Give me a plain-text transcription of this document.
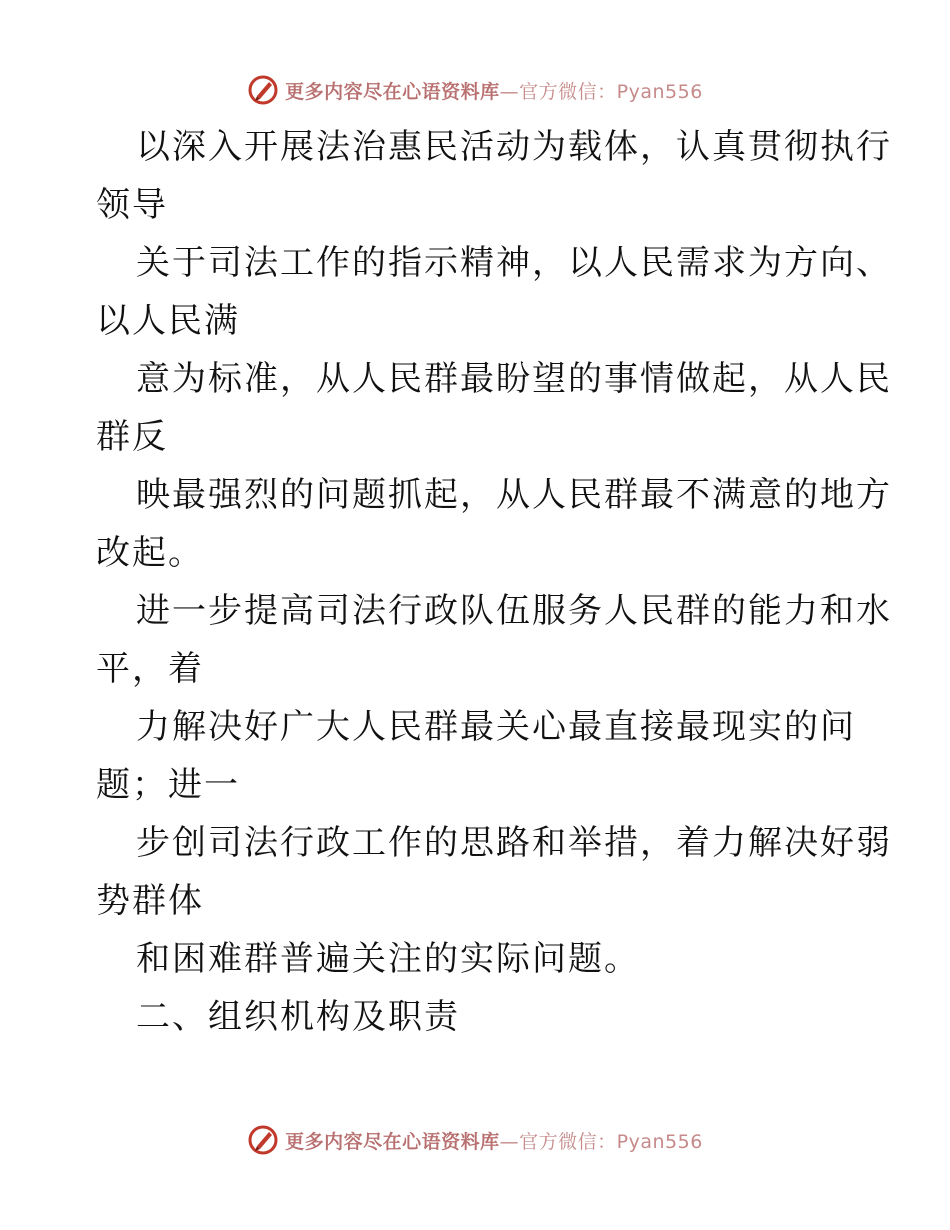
更多内容尽在心语资料库—官方微信：Pyan556

以深入开展法治惠民活动为载体，认真贯彻执行
领导

关于司法工作的指示精神，以人民需求为方向、
以人民满

意为标准，从人民群最盼望的事情做起，从人民
群反

映最强烈的问题抓起，从人民群最不满意的地方
改起。

进一步提高司法行政队伍服务人民群的能力和水
平，着

力解决好广大人民群最关心最直接最现实的问
题；进一

步创司法行政工作的思路和举措，着力解决好弱
势群体

和困难群普遍关注的实际问题。

二、组织机构及职责

更多内容尽在心语资料库—官方微信：Pyan556
